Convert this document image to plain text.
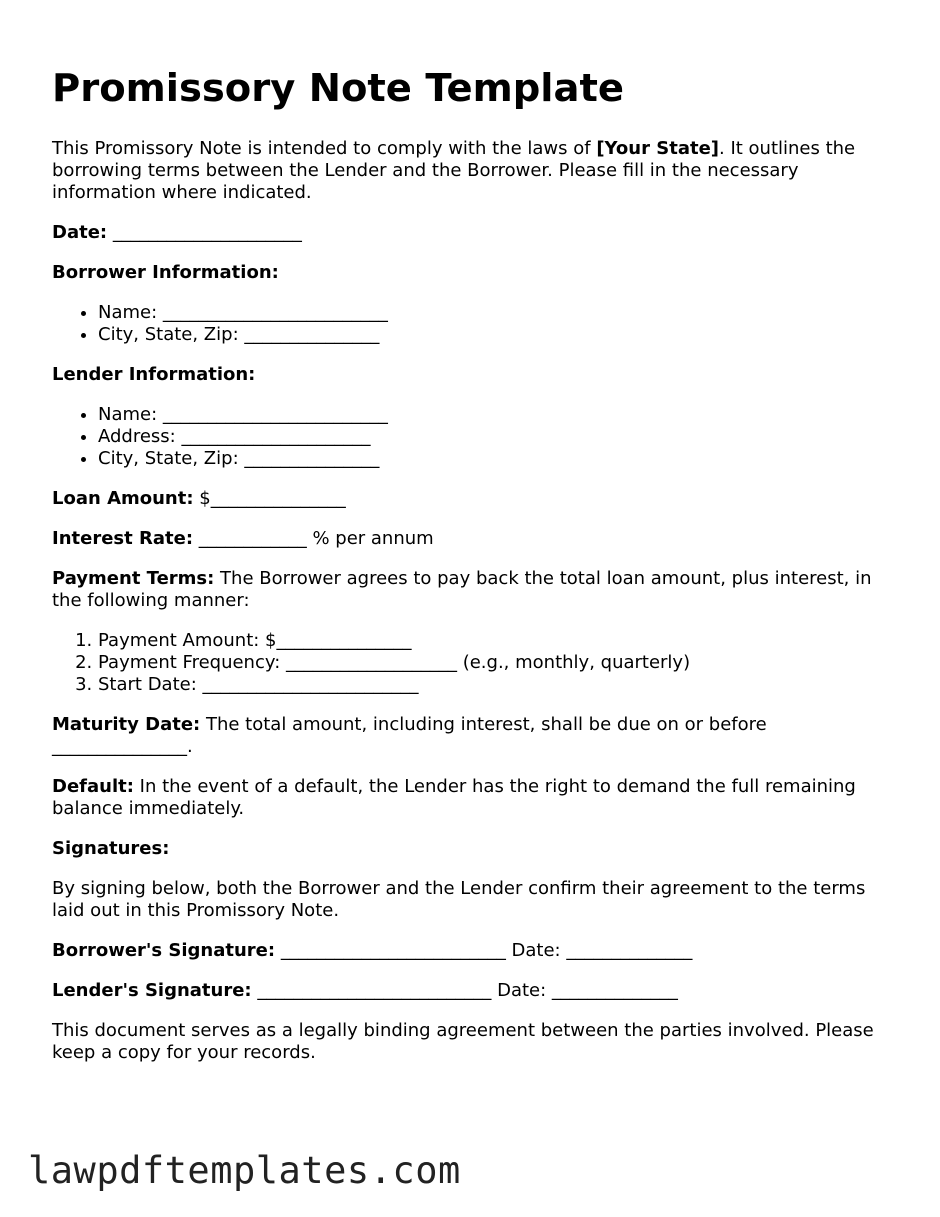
Promissory Note Template

This Promissory Note is intended to comply with the laws of [Your State]. It outlines the borrowing terms between the Lender and the Borrower. Please fill in the necessary information where indicated.

Date: _____________________

Borrower Information:

• Name: _________________________
• City, State, Zip: _______________

Lender Information:

• Name: _________________________
• Address: _____________________
• City, State, Zip: _______________

Loan Amount: $_______________

Interest Rate: ____________ % per annum

Payment Terms: The Borrower agrees to pay back the total loan amount, plus interest, in the following manner:

1. Payment Amount: $_______________
2. Payment Frequency: ___________________ (e.g., monthly, quarterly)
3. Start Date: ________________________

Maturity Date: The total amount, including interest, shall be due on or before _______________.

Default: In the event of a default, the Lender has the right to demand the full remaining balance immediately.

Signatures:

By signing below, both the Borrower and the Lender confirm their agreement to the terms laid out in this Promissory Note.

Borrower's Signature: _________________________ Date: ______________

Lender's Signature: __________________________ Date: ______________

This document serves as a legally binding agreement between the parties involved. Please keep a copy for your records.

lawpdftemplates.com
